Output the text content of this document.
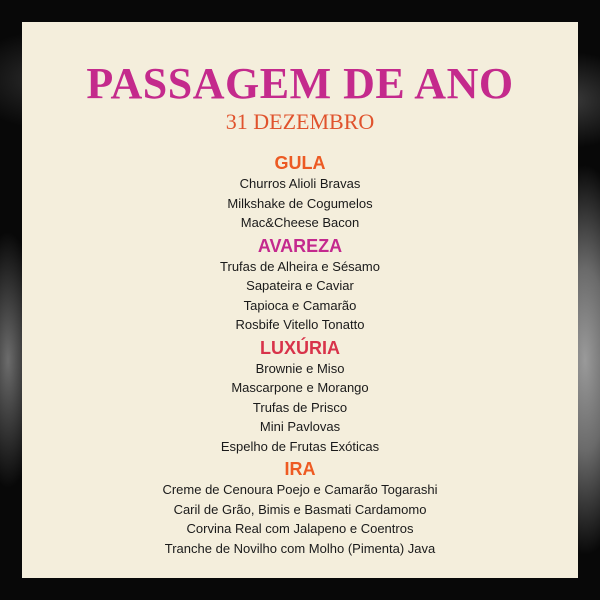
PASSAGEM DE ANO
31 DEZEMBRO
GULA
Churros Alioli Bravas
Milkshake de Cogumelos
Mac&Cheese Bacon
AVAREZA
Trufas de Alheira e Sésamo
Sapateira e Caviar
Tapioca e Camarão
Rosbife Vitello Tonatto
LUXÚRIA
Brownie e Miso
Mascarpone e Morango
Trufas de Prisco
Mini Pavlovas
Espelho de Frutas Exóticas
IRA
Creme de Cenoura Poejo e Camarão Togarashi
Caril de Grão, Bimis e Basmati Cardamomo
Corvina Real com Jalapeno e Coentros
Tranche de Novilho com Molho (Pimenta) Java
